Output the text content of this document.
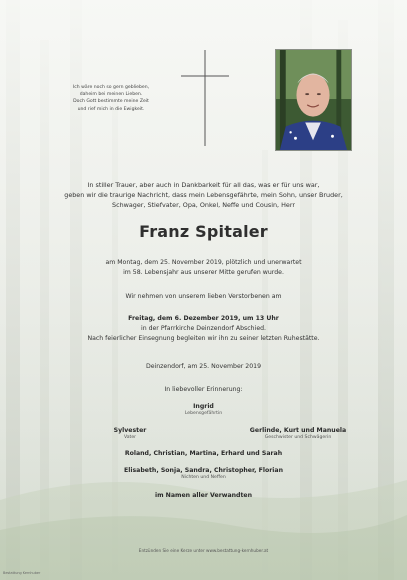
Ich wäre noch so gern geblieben,
daheim bei meinen Lieben.
Doch Gott bestimmte meine Zeit
und rief mich in die Ewigkeit.
In stiller Trauer, aber auch in Dankbarkeit für all das, was er für uns war,
geben wir die traurige Nachricht, dass mein Lebensgefährte, mein Sohn, unser Bruder,
Schwager, Stiefvater, Opa, Onkel, Neffe und Cousin, Herr
Franz Spitaler
am Montag, dem 25. November 2019, plötzlich und unerwartet
im 58. Lebensjahr aus unserer Mitte gerufen wurde.
Wir nehmen von unserem lieben Verstorbenen am
Freitag, dem 6. Dezember 2019, um 13 Uhr
in der Pfarrkirche Deinzendorf Abschied.
Nach feierlicher Einsegnung begleiten wir ihn zu seiner letzten Ruhestätte.
Deinzendorf, am 25. November 2019
In liebevoller Erinnerung:
Ingrid
Lebensgefährtin
Sylvester
Vater
Gerlinde, Kurt und Manuela
Geschwister und Schwägerin
Roland, Christian, Martina, Erhard und Sarah
Elisabeth, Sonja, Sandra, Christopher, Florian
Nichten und Neffen
im Namen aller Verwandten
Entzünden Sie eine Kerze unter www.bestattung-kernhuber.at
Bestattung Kernhuber
